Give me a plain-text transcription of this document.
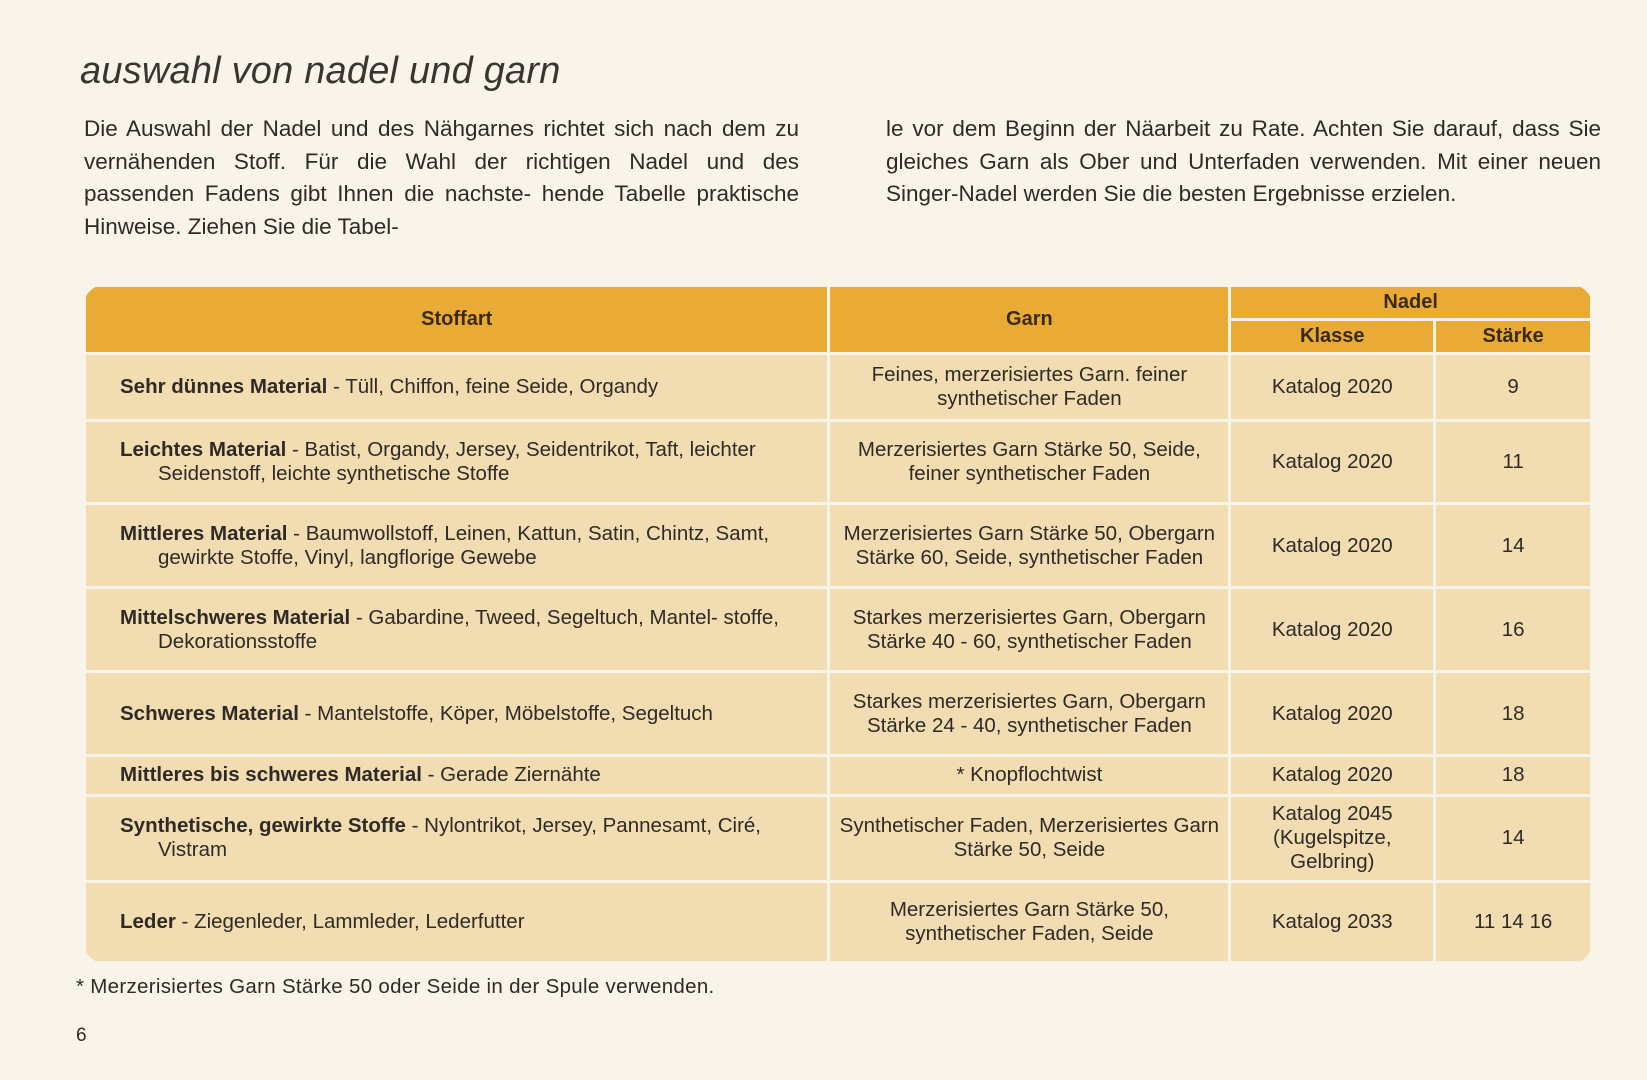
auswahl von nadel und garn

Die Auswahl der Nadel und des Nähgarnes richtet sich nach dem zu vernähenden Stoff. Für die Wahl der richtigen Nadel und des passenden Fadens gibt Ihnen die nachste- hende Tabelle praktische Hinweise. Ziehen Sie die Tabel-

le vor dem Beginn der Näarbeit zu Rate. Achten Sie darauf, dass Sie gleiches Garn als Ober und Unterfaden verwenden. Mit einer neuen Singer-Nadel werden Sie die besten Ergebnisse erzielen.

Stoffart	Garn	Nadel	
		Klasse	Stärke

Sehr dünnes Material - Tüll, Chiffon, feine Seide, Organdy	Feines, merzerisiertes Garn. feiner synthetischer Faden	Katalog 2020	9

Leichtes Material - Batist, Organdy, Jersey, Seidentrikot, Taft, leichter Seidenstoff, leichte synthetische Stoffe	Merzerisiertes Garn Stärke 50, Seide, feiner synthetischer Faden	Katalog 2020	11

Mittleres Material - Baumwollstoff, Leinen, Kattun, Satin, Chintz, Samt, gewirkte Stoffe, Vinyl, langflorige Gewebe	Merzerisiertes Garn Stärke 50, Obergarn Stärke 60, Seide, synthetischer Faden	Katalog 2020	14

Mittelschweres Material - Gabardine, Tweed, Segeltuch, Mantel- stoffe, Dekorationsstoffe	Starkes merzerisiertes Garn, Obergarn Stärke 40 - 60, synthetischer Faden	Katalog 2020	16

Schweres Material - Mantelstoffe, Köper, Möbelstoffe, Segeltuch	Starkes merzerisiertes Garn, Obergarn Stärke 24 - 40, synthetischer Faden	Katalog 2020	18

Mittleres bis schweres Material - Gerade Ziernähte	* Knopflochtwist	Katalog 2020	18

Synthetische, gewirkte Stoffe - Nylontrikot, Jersey, Pannesamt, Ciré, Vistram	Synthetischer Faden, Merzerisiertes Garn Stärke 50, Seide	Katalog 2045 (Kugelspitze, Gelbring)	14

Leder - Ziegenleder, Lammleder, Lederfutter	Merzerisiertes Garn Stärke 50, synthetischer Faden, Seide	Katalog 2033	11 14 16

* Merzerisiertes Garn Stärke 50 oder Seide in der Spule verwenden.

6
